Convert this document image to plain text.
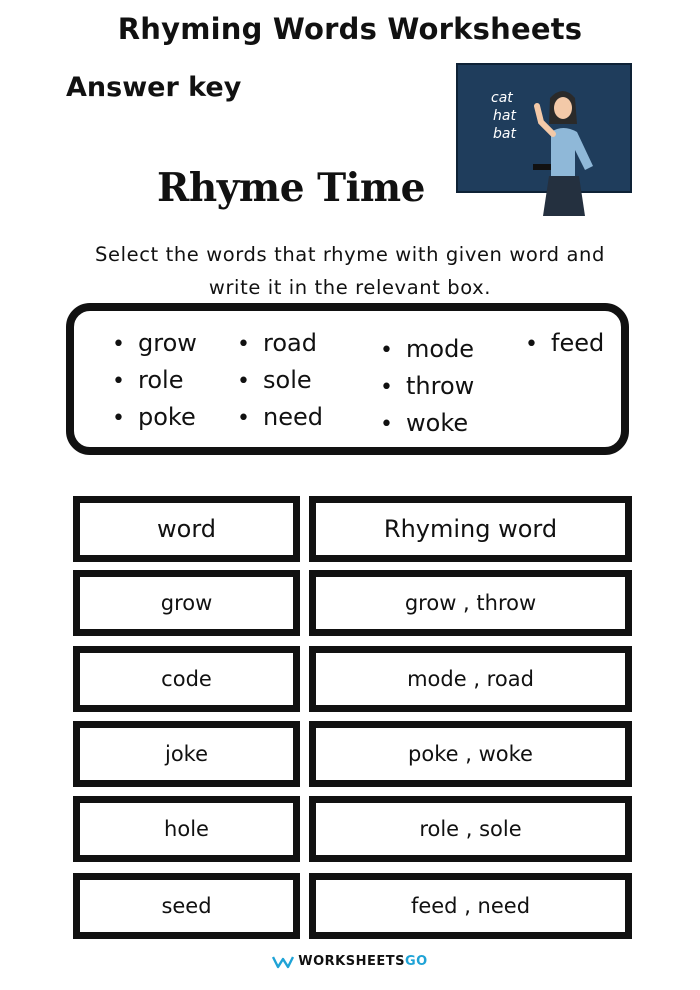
Rhyming Words Worksheets
Answer key	cat
hat
bat
Rhyme Time
Select the words that rhyme with given word and
write it in the relevant box.
• grow
• role
• poke
• road
• sole
• need
• mode
• throw
• woke
• feed
word	Rhyming word
grow	grow , throw
code	mode , road
joke	poke , woke
hole	role , sole
seed	feed , need
WORKSHEETSGO
